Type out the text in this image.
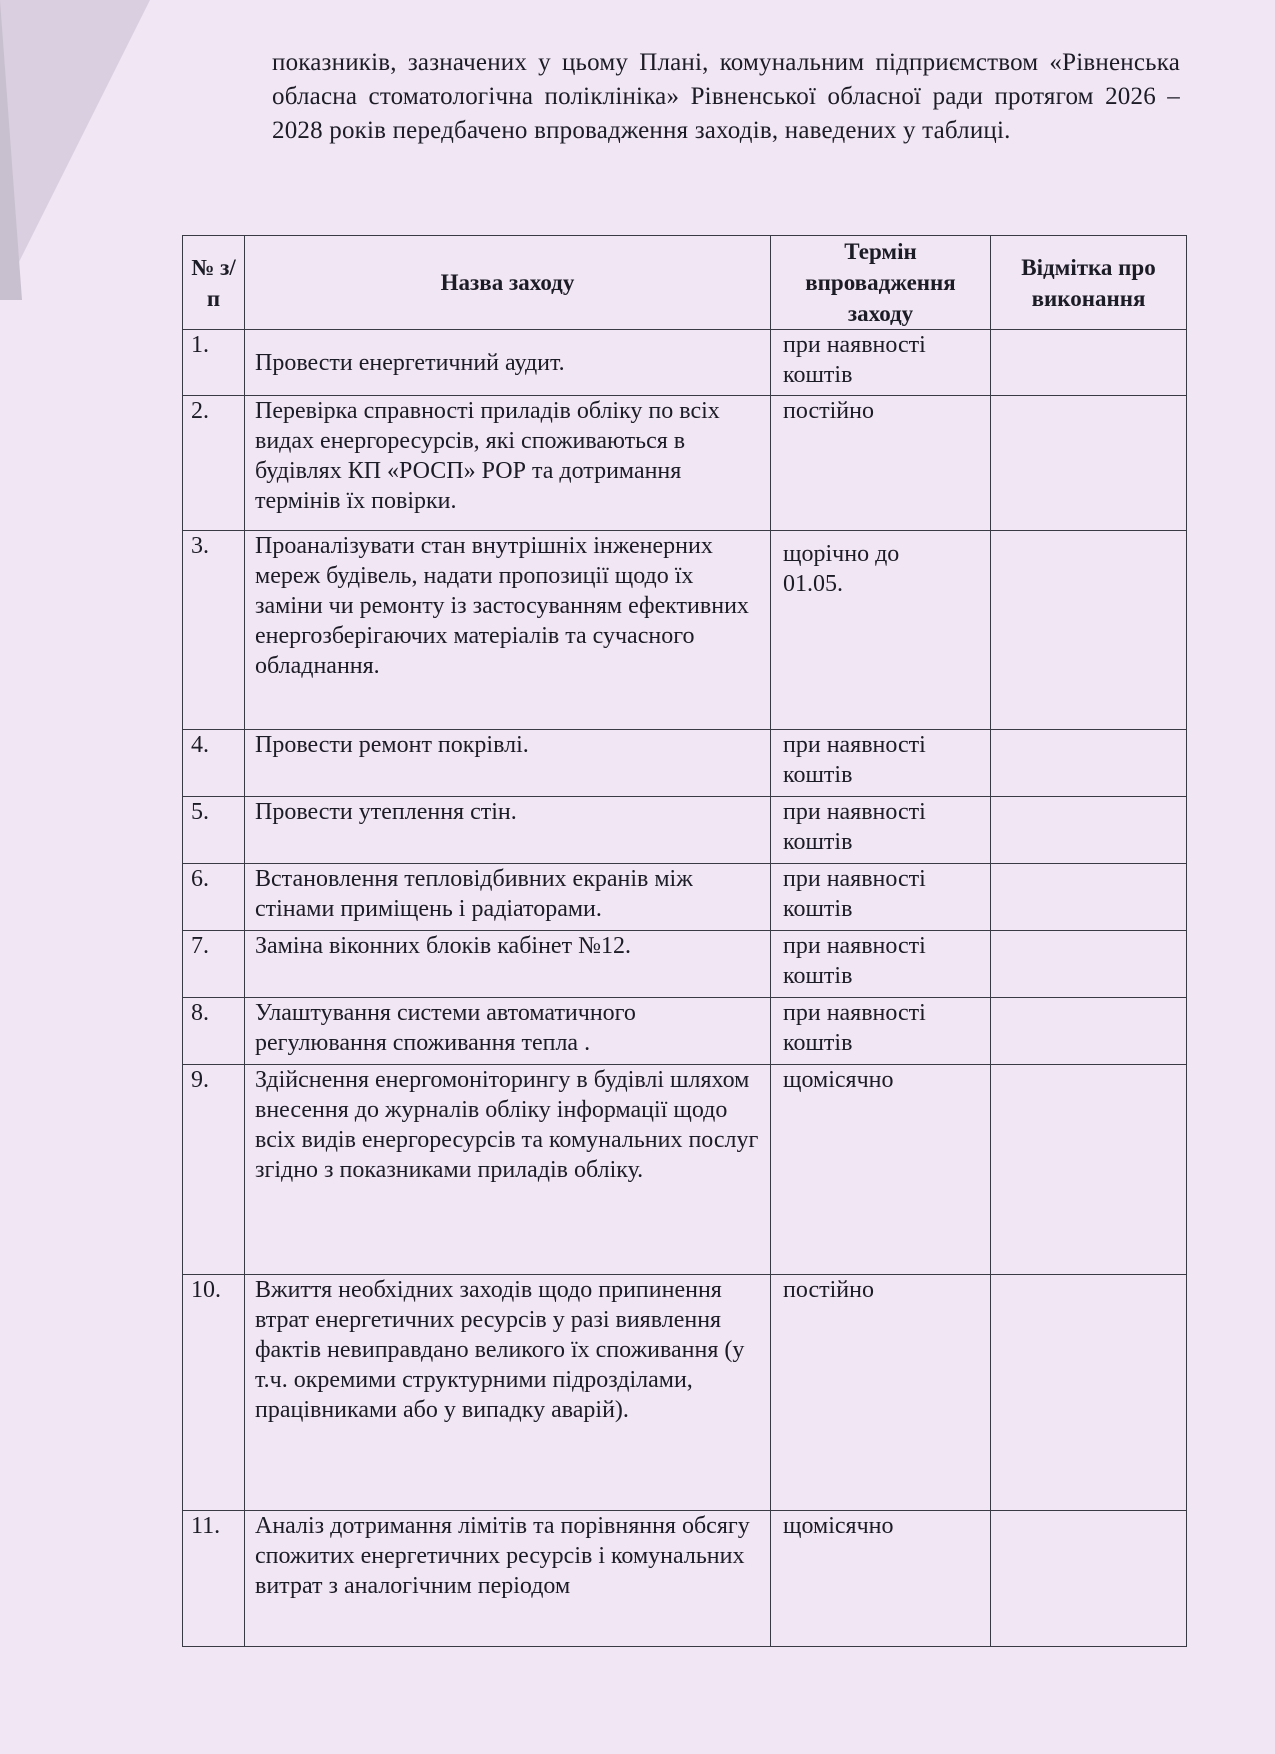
показників, зазначених у цьому Плані, комунальним підприємством «Рівненська обласна стоматологічна поліклініка» Рівненської обласної ради протягом 2026 – 2028 років передбачено впровадження заходів, наведених у таблиці.
№ з/п	Назва заходу	Термін впровадження заходу	Відмітка про виконання
1.	Провести енергетичний аудит.	при наявності коштів	
2.	Перевірка справності приладів обліку по всіх видах енергоресурсів, які споживаються в будівлях КП «РОСП» РОР та дотримання термінів їх повірки.	постійно	
3.	Проаналізувати стан внутрішніх інженерних мереж будівель, надати пропозиції щодо їх заміни чи ремонту із застосуванням ефективних енергозберігаючих матеріалів та сучасного обладнання.	щорічно до 01.05.	
4.	Провести ремонт покрівлі.	при наявності коштів	
5.	Провести утеплення стін.	при наявності коштів	
6.	Встановлення тепловідбивних екранів між стінами приміщень і радіаторами.	при наявності коштів	
7.	Заміна віконних блоків кабінет №12.	при наявності коштів	
8.	Улаштування системи автоматичного регулювання споживання тепла .	при наявності коштів	
9.	Здійснення енергомоніторингу в будівлі шляхом внесення до журналів обліку інформації щодо всіх видів енергоресурсів та комунальних послуг згідно з показниками приладів обліку.	щомісячно	
10.	Вжиття необхідних заходів щодо припинення втрат енергетичних ресурсів у разі виявлення фактів невиправдано великого їх споживання (у т.ч. окремими структурними підрозділами, працівниками або у випадку аварій).	постійно	
11.	Аналіз дотримання лімітів та порівняння обсягу спожитих енергетичних ресурсів і комунальних витрат з аналогічним періодом	щомісячно	
